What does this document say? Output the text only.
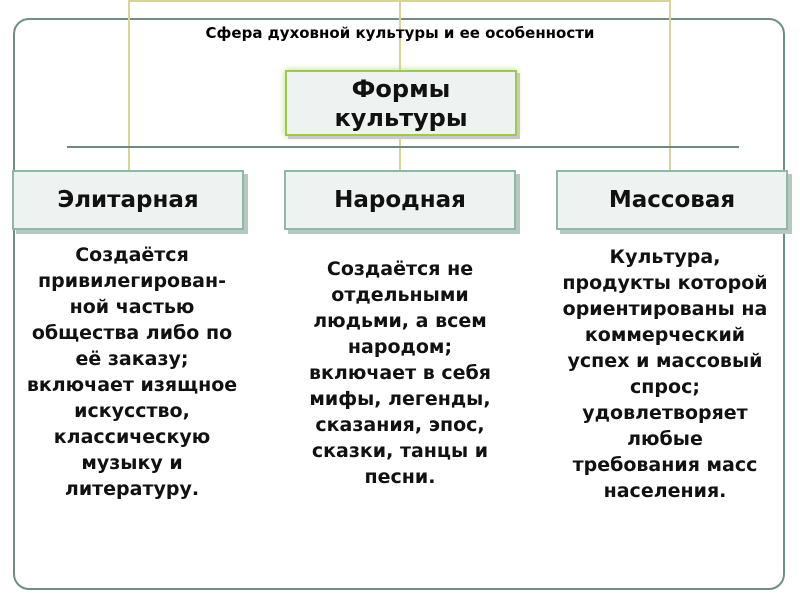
Сфера духовной культуры и ее особенности
Формы
культуры
Элитарная	Народная	Массовая
Создаётся
привилегирован-
ной частью
общества либо по
её заказу;
включает изящное
искусство,
классическую
музыку и
литературу.
Создаётся не
отдельными
людьми, а всем
народом;
включает в себя
мифы, легенды,
сказания, эпос,
сказки, танцы и
песни.
Культура,
продукты которой
ориентированы на
коммерческий
успех и массовый
спрос;
удовлетворяет
любые
требования масс
населения.
